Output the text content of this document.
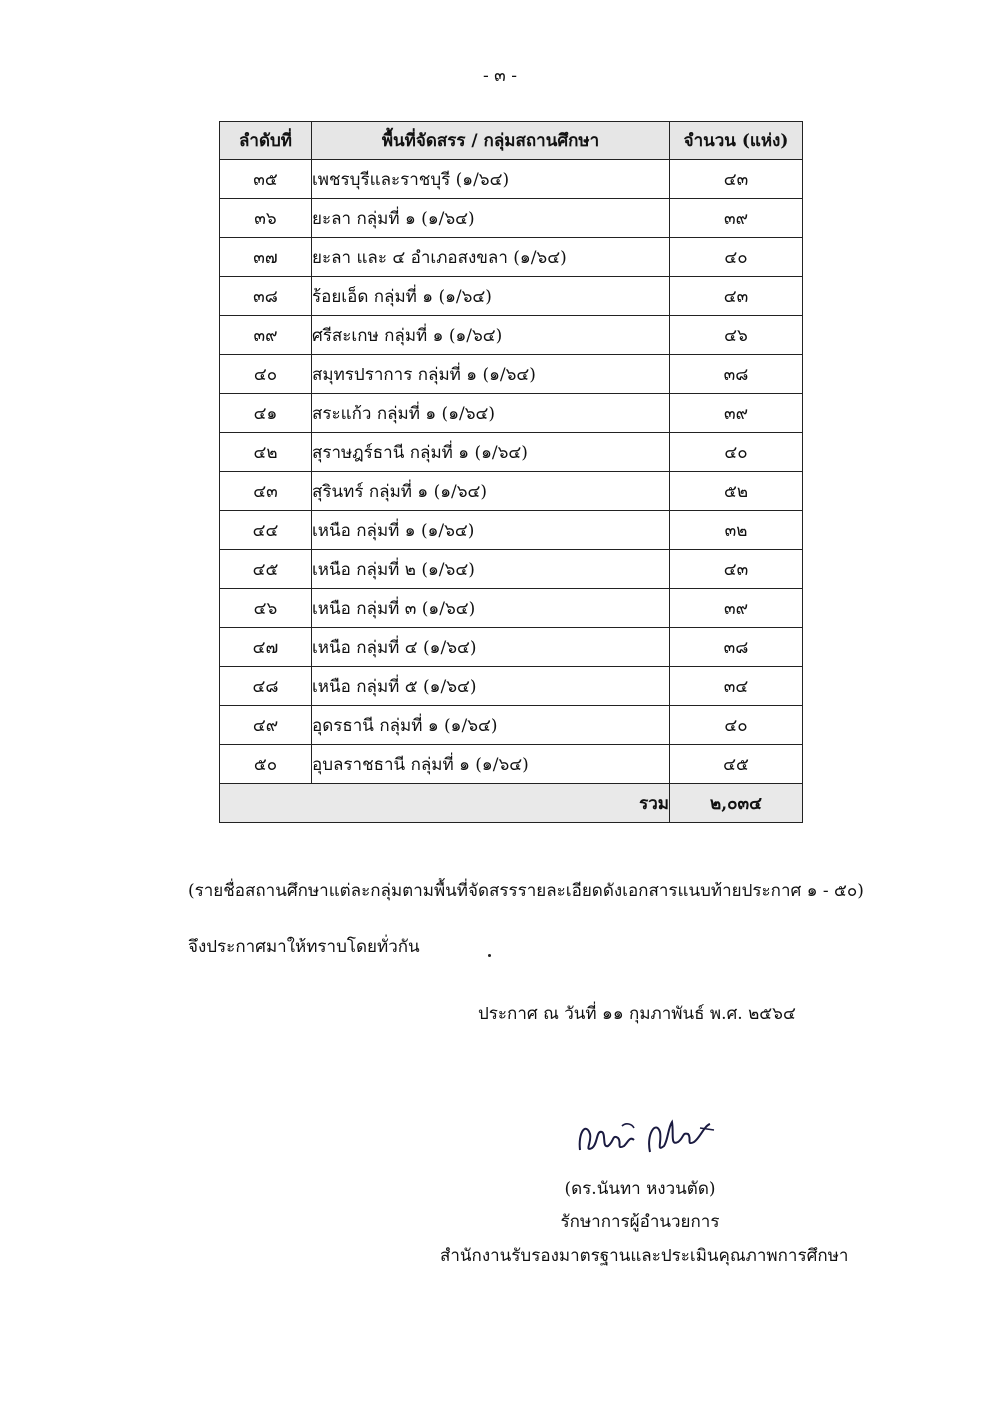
- ๓ -
ลำดับที่	พื้นที่จัดสรร / กลุ่มสถานศึกษา	จำนวน (แห่ง)
๓๕	เพชรบุรีและราชบุรี (๑/๖๔)	๔๓
๓๖	ยะลา กลุ่มที่ ๑ (๑/๖๔)	๓๙
๓๗	ยะลา และ ๔ อำเภอสงขลา (๑/๖๔)	๔๐
๓๘	ร้อยเอ็ด กลุ่มที่ ๑ (๑/๖๔)	๔๓
๓๙	ศรีสะเกษ กลุ่มที่ ๑ (๑/๖๔)	๔๖
๔๐	สมุทรปราการ กลุ่มที่ ๑ (๑/๖๔)	๓๘
๔๑	สระแก้ว กลุ่มที่ ๑ (๑/๖๔)	๓๙
๔๒	สุราษฎร์ธานี กลุ่มที่ ๑ (๑/๖๔)	๔๐
๔๓	สุรินทร์ กลุ่มที่ ๑ (๑/๖๔)	๕๒
๔๔	เหนือ กลุ่มที่ ๑ (๑/๖๔)	๓๒
๔๕	เหนือ กลุ่มที่ ๒ (๑/๖๔)	๔๓
๔๖	เหนือ กลุ่มที่ ๓ (๑/๖๔)	๓๙
๔๗	เหนือ กลุ่มที่ ๔ (๑/๖๔)	๓๘
๔๘	เหนือ กลุ่มที่ ๕ (๑/๖๔)	๓๔
๔๙	อุดรธานี กลุ่มที่ ๑ (๑/๖๔)	๔๐
๕๐	อุบลราชธานี กลุ่มที่ ๑ (๑/๖๔)	๔๕
รวม		๒,๐๓๔
(รายชื่อสถานศึกษาแต่ละกลุ่มตามพื้นที่จัดสรรรายละเอียดดังเอกสารแนบท้ายประกาศ ๑ - ๕๐)
จึงประกาศมาให้ทราบโดยทั่วกัน
ประกาศ ณ วันที่ ๑๑ กุมภาพันธ์ พ.ศ. ๒๕๖๔
(ดร.นันทา หงวนตัด)
รักษาการผู้อำนวยการ
สำนักงานรับรองมาตรฐานและประเมินคุณภาพการศึกษา
